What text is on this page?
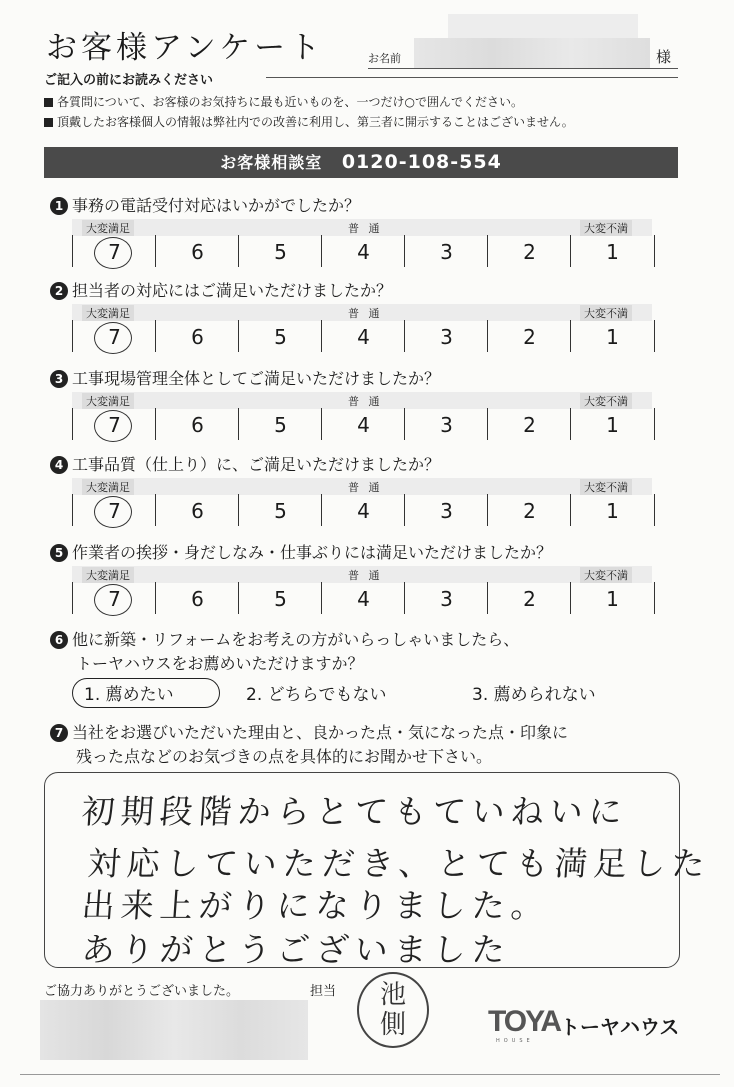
お客様アンケート	お名前	様
ご記入の前にお読みください
各質問について、お客様のお気持ちに最も近いものを、一つだけ○で囲んでください。
頂戴したお客様個人の情報は弊社内での改善に利用し、第三者に開示することはございません。
お客様相談室 0120-108-554
1 事務の電話受付対応はいかがでしたか？
大変満足	普 通	大変不満
7	6	5	4	3	2	1
2 担当者の対応にはご満足いただけましたか？
大変満足	普 通	大変不満
7	6	5	4	3	2	1
3 工事現場管理全体としてご満足いただけましたか？
大変満足	普 通	大変不満
7	6	5	4	3	2	1
4 工事品質（仕上り）に、ご満足いただけましたか？
大変満足	普 通	大変不満
7	6	5	4	3	2	1
5 作業者の挨拶・身だしなみ・仕事ぶりには満足いただけましたか？
大変満足	普 通	大変不満
7	6	5	4	3	2	1
6 他に新築・リフォームをお考えの方がいらっしゃいましたら、
トーヤハウスをお薦めいただけますか？
1. 薦めたい	2. どちらでもない	3. 薦められない
7 当社をお選びいただいた理由と、良かった点・気になった点・印象に
残った点などのお気づきの点を具体的にお聞かせ下さい。
初期段階からとてもていねいに
対応していただき、とても満足した
出来上がりになりました。
ありがとうございました
ご協力ありがとうございました。	担当	池
側	TOYA
HOUSE
トーヤハウス
